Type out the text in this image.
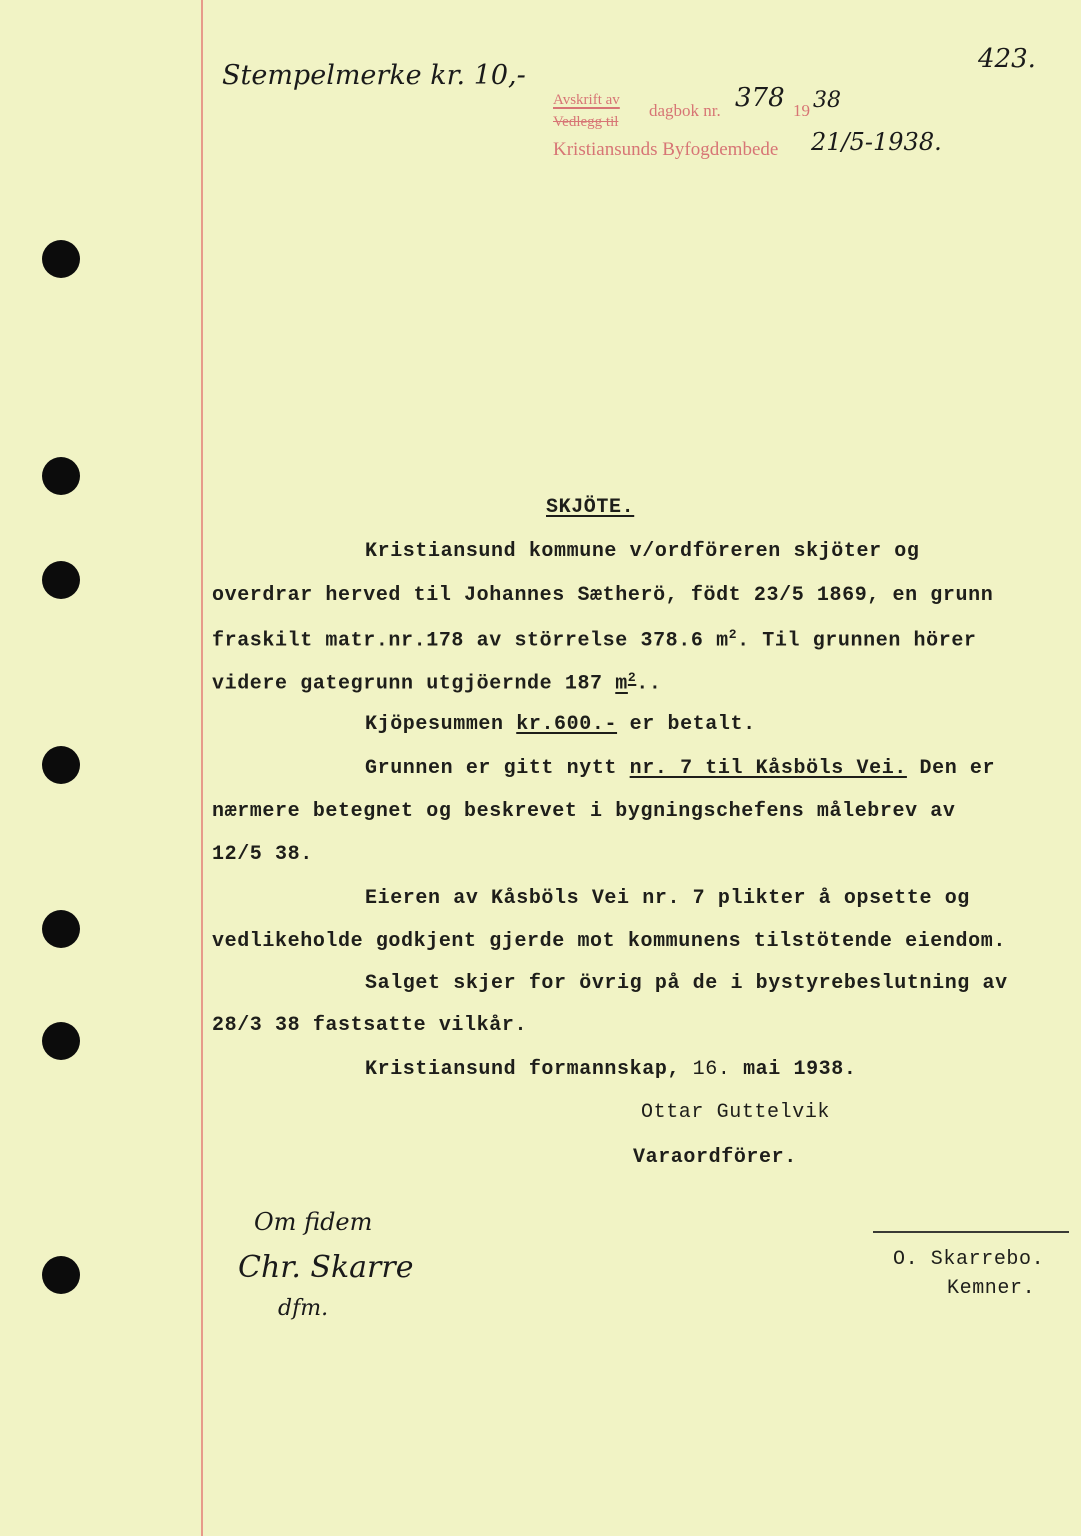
423.
Stempelmerke kr. 10,-
Avskrift av
Vedlegg til
dagbok nr. 378 19 38
Kristiansunds Byfogdembede 21/5-1938.
SKJÖTE.
Kristiansund kommune v/ordföreren skjöter og
overdrar herved til Johannes Sætherö, födt 23/5 1869, en grunn
fraskilt matr.nr.178 av störrelse 378.6 $m^2$. Til grunnen hörer
videre gategrunn utgjöernde 187 $m^2$..
Kjöpesummen kr.600.- er betalt.
Grunnen er gitt nytt nr. 7 til Kåsböls Vei. Den er
nærmere betegnet og beskrevet i bygningschefens målebrev av
12/5 38.
Eieren av Kåsböls Vei nr. 7 plikter å opsette og
vedlikeholde godkjent gjerde mot kommunens tilstötende eiendom.
Salget skjer for övrig på de i bystyrebeslutning av
28/3 38 fastsatte vilkår.
Kristiansund formannskap, 16. mai 1938.
Ottar Guttelvik
Varaordförer.
Om fidem
Chr. Skarre
dfm.
O. Skarrebo.
Kemner.
